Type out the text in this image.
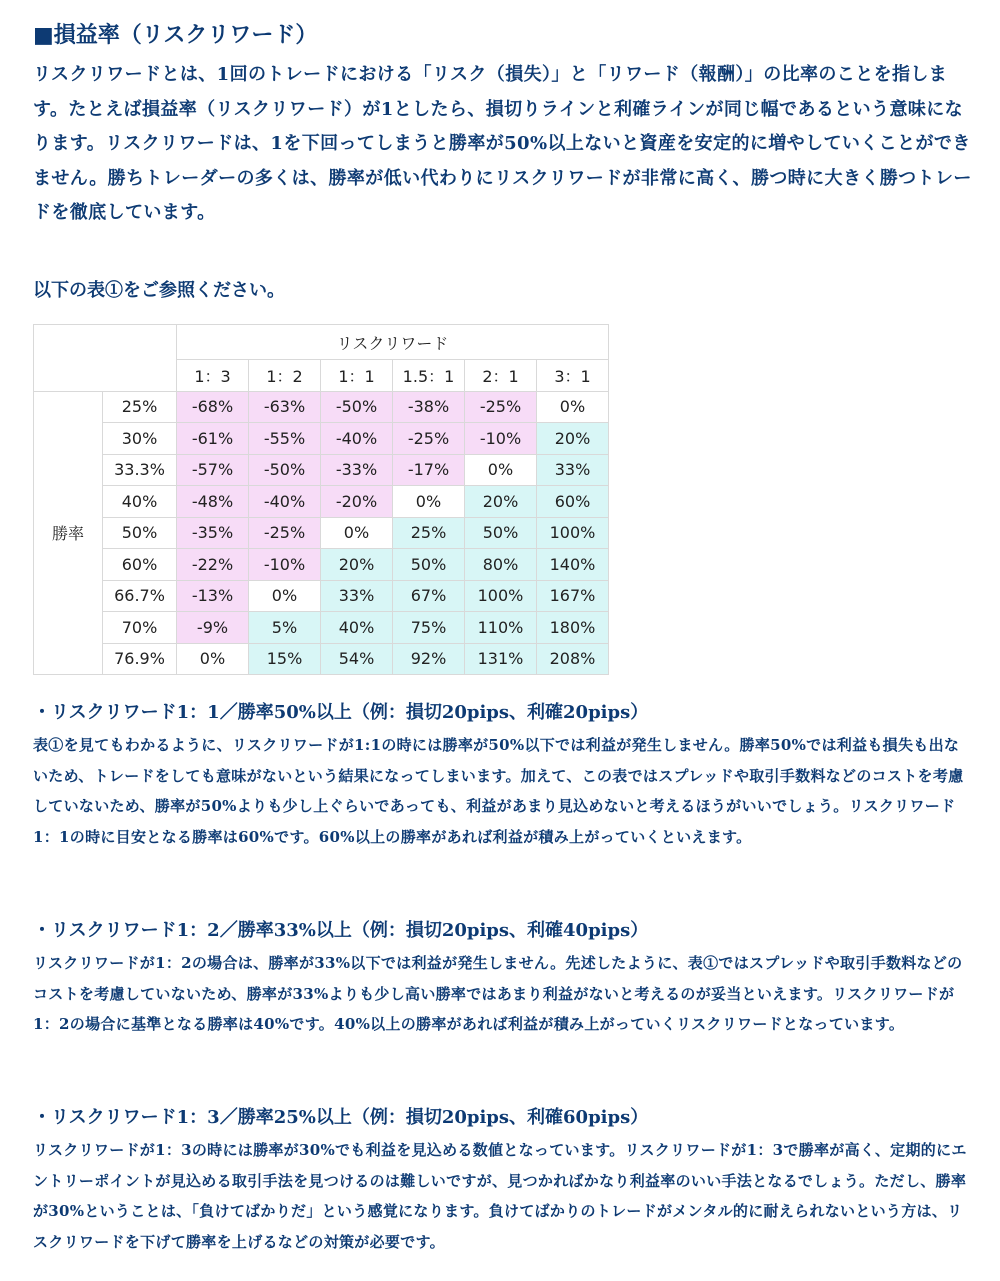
■損益率（リスクリワード）

リスクリワードとは、1回のトレードにおける「リスク（損失）」と「リワード（報酬）」の比率のことを指します。たとえば損益率（リスクリワード）が1としたら、損切りラインと利確ラインが同じ幅であるという意味になります。リスクリワードは、1を下回ってしまうと勝率が50%以上ないと資産を安定的に増やしていくことができません。勝ちトレーダーの多くは、勝率が低い代わりにリスクリワードが非常に高く、勝つ時に大きく勝つトレードを徹底しています。

以下の表①をご参照ください。

		リスクリワード					
		1：3	1：2	1：1	1.5：1	2：1	3：1
勝率	25%	-68%	-63%	-50%	-38%	-25%	0%
	30%	-61%	-55%	-40%	-25%	-10%	20%
	33.3%	-57%	-50%	-33%	-17%	0%	33%
	40%	-48%	-40%	-20%	0%	20%	60%
	50%	-35%	-25%	0%	25%	50%	100%
	60%	-22%	-10%	20%	50%	80%	140%
	66.7%	-13%	0%	33%	67%	100%	167%
	70%	-9%	5%	40%	75%	110%	180%
	76.9%	0%	15%	54%	92%	131%	208%
・リスクリワード1：1／勝率50%以上（例：損切20pips、利確20pips）

表①を見てもわかるように、リスクリワードが1:1の時には勝率が50%以下では利益が発生しません。勝率50%では利益も損失も出ないため、トレードをしても意味がないという結果になってしまいます。加えて、この表ではスプレッドや取引手数料などのコストを考慮していないため、勝率が50%よりも少し上ぐらいであっても、利益があまり見込めないと考えるほうがいいでしょう。リスクリワード1：1の時に目安となる勝率は60%です。60%以上の勝率があれば利益が積み上がっていくといえます。

・リスクリワード1：2／勝率33%以上（例：損切20pips、利確40pips）

リスクリワードが1：2の場合は、勝率が33%以下では利益が発生しません。先述したように、表①ではスプレッドや取引手数料などのコストを考慮していないため、勝率が33%よりも少し高い勝率ではあまり利益がないと考えるのが妥当といえます。リスクリワードが1：2の場合に基準となる勝率は40%です。40%以上の勝率があれば利益が積み上がっていくリスクリワードとなっています。

・リスクリワード1：3／勝率25%以上（例：損切20pips、利確60pips）

リスクリワードが1：3の時には勝率が30%でも利益を見込める数値となっています。リスクリワードが1：3で勝率が高く、定期的にエントリーポイントが見込める取引手法を見つけるのは難しいですが、見つかればかなり利益率のいい手法となるでしょう。ただし、勝率が30%ということは、「負けてばかりだ」という感覚になります。負けてばかりのトレードがメンタル的に耐えられないという方は、リスクリワードを下げて勝率を上げるなどの対策が必要です。
